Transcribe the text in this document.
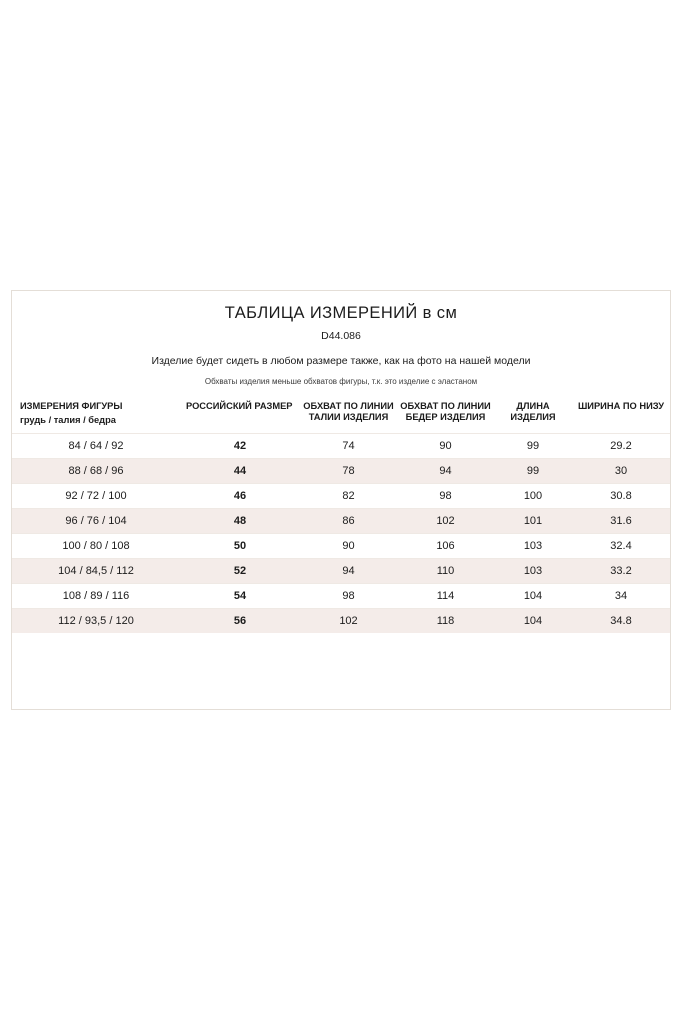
ТАБЛИЦА ИЗМЕРЕНИЙ в см
D44.086
Изделие будет сидеть в любом размере также, как на фото на нашей модели
Обхваты изделия меньше обхватов фигуры, т.к. это изделие с эластаном
ИЗМЕРЕНИЯ ФИГУРЫ
грудь / талия / бедра	РОССИЙСКИЙ РАЗМЕР	ОБХВАТ ПО ЛИНИИ ТАЛИИ ИЗДЕЛИЯ	ОБХВАТ ПО ЛИНИИ БЕДЕР ИЗДЕЛИЯ	ДЛИНА ИЗДЕЛИЯ	ШИРИНА ПО НИЗУ
84 / 64 / 92	42	74	90	99	29.2
88 / 68 / 96	44	78	94	99	30
92 / 72 / 100	46	82	98	100	30.8
96 / 76 / 104	48	86	102	101	31.6
100 / 80 / 108	50	90	106	103	32.4
104 / 84,5 / 112	52	94	110	103	33.2
108 / 89 / 116	54	98	114	104	34
112 / 93,5 / 120	56	102	118	104	34.8
